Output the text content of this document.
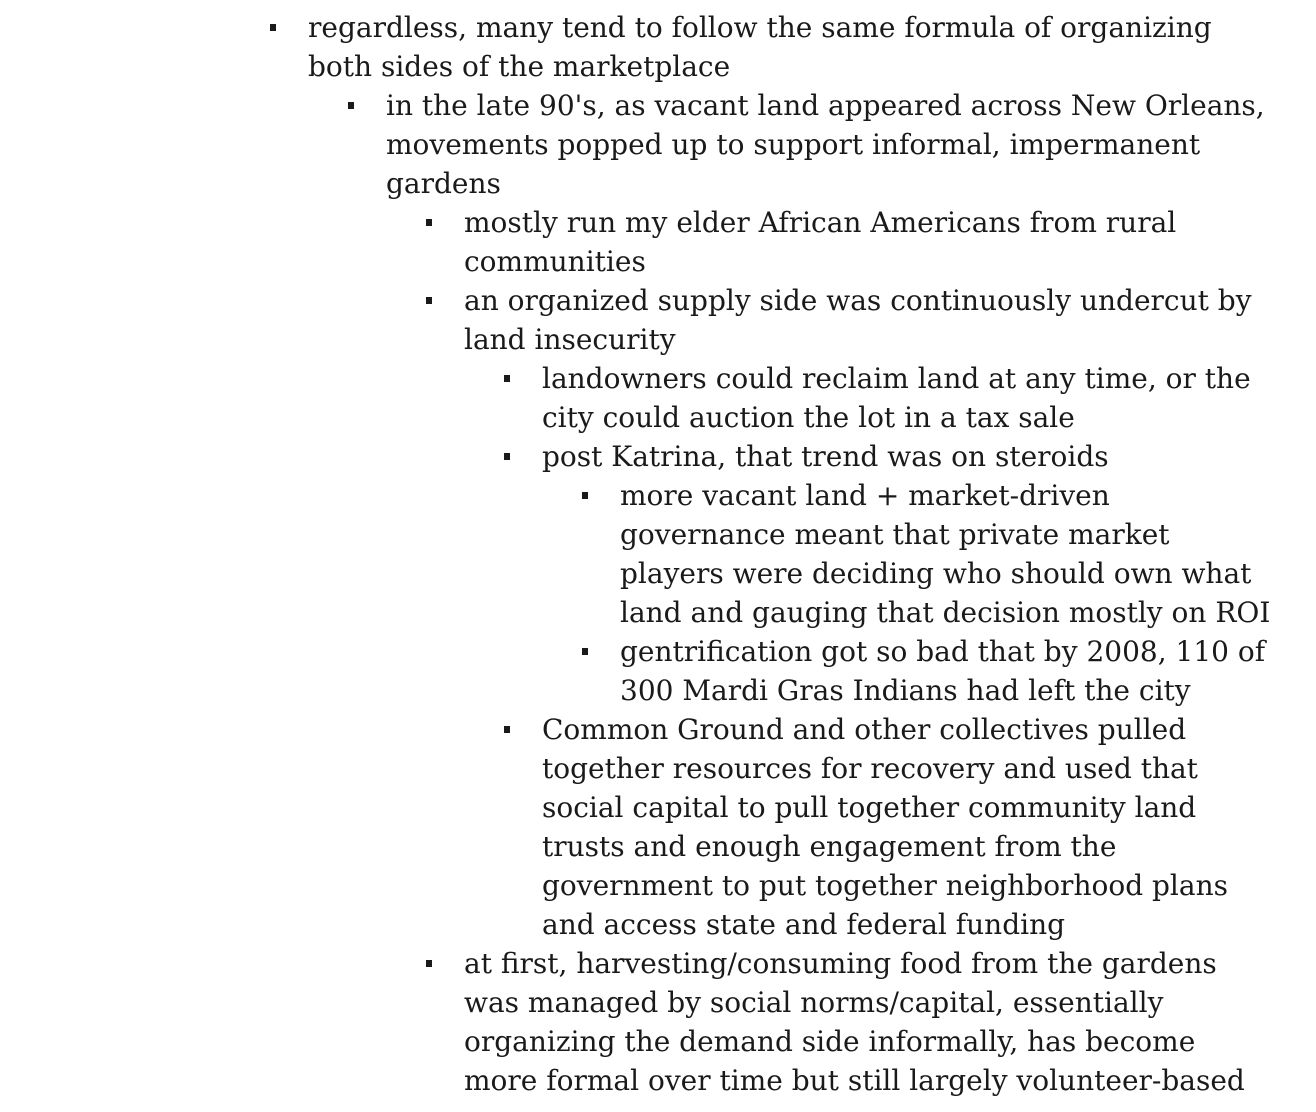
regardless, many tend to follow the same formula of organizing both sides of the marketplace
in the late 90's, as vacant land appeared across New Orleans, movements popped up to support informal, impermanent gardens
mostly run my elder African Americans from rural communities
an organized supply side was continuously undercut by land insecurity
landowners could reclaim land at any time, or the city could auction the lot in a tax sale
post Katrina, that trend was on steroids
more vacant land + market-driven governance meant that private market players were deciding who should own what land and gauging that decision mostly on ROI
gentrification got so bad that by 2008, 110 of 300 Mardi Gras Indians had left the city
Common Ground and other collectives pulled together resources for recovery and used that social capital to pull together community land trusts and enough engagement from the government to put together neighborhood plans and access state and federal funding
at first, harvesting/consuming food from the gardens was managed by social norms/capital, essentially organizing the demand side informally, has become more formal over time but still largely volunteer-based
